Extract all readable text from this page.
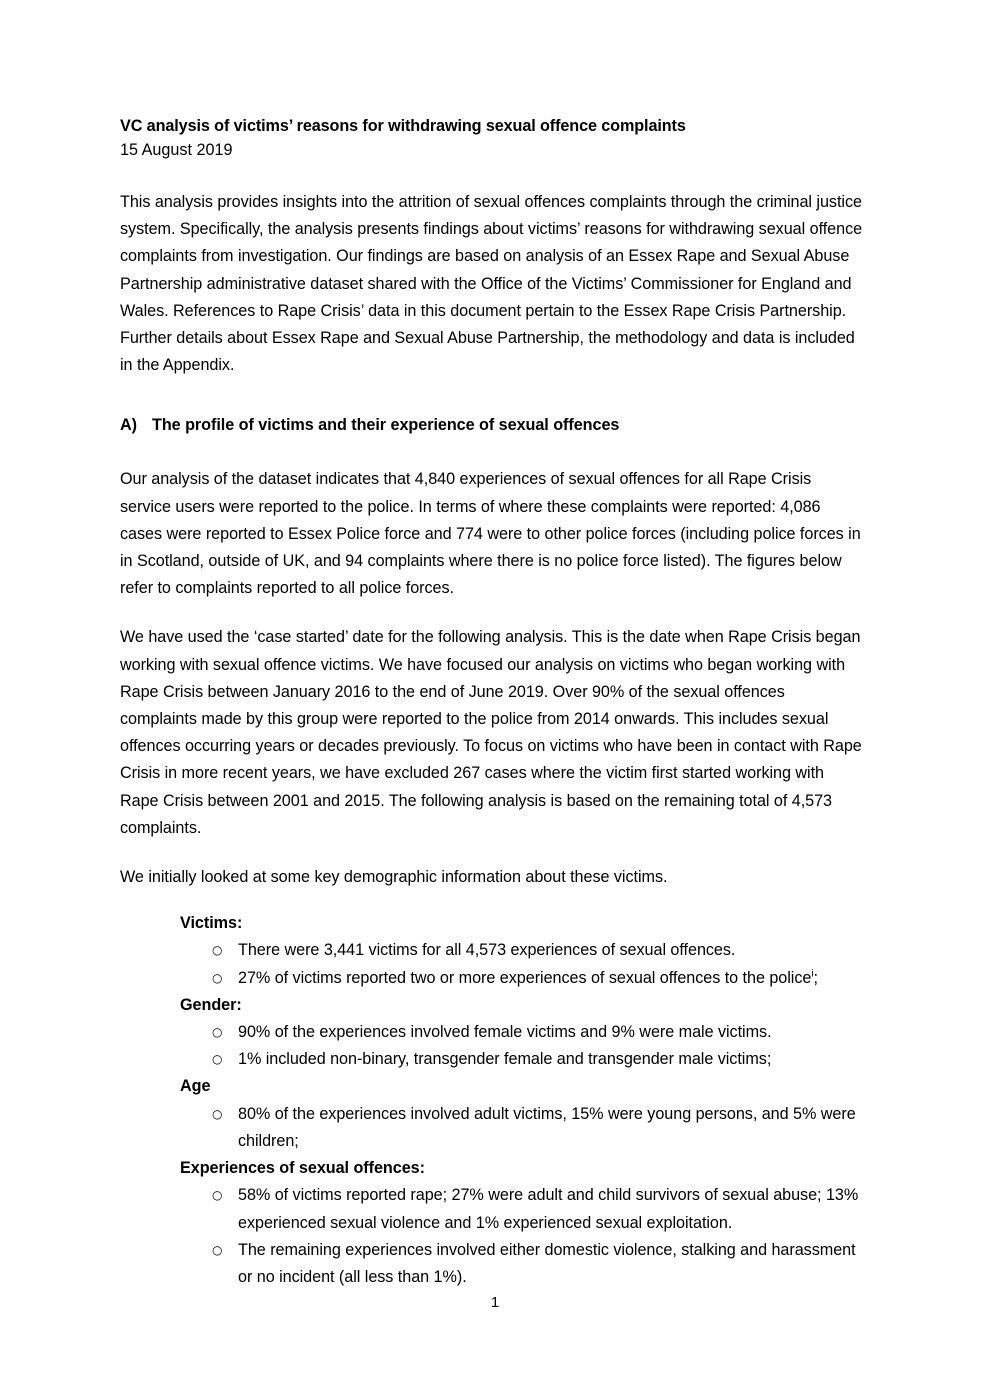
VC analysis of victims’ reasons for withdrawing sexual offence complaints
15 August 2019

This analysis provides insights into the attrition of sexual offences complaints through the criminal justice system. Specifically, the analysis presents findings about victims’ reasons for withdrawing sexual offence complaints from investigation. Our findings are based on analysis of an Essex Rape and Sexual Abuse Partnership administrative dataset shared with the Office of the Victims’ Commissioner for England and Wales. References to Rape Crisis’ data in this document pertain to the Essex Rape Crisis Partnership. Further details about Essex Rape and Sexual Abuse Partnership, the methodology and data is included in the Appendix.

A) The profile of victims and their experience of sexual offences

Our analysis of the dataset indicates that 4,840 experiences of sexual offences for all Rape Crisis service users were reported to the police. In terms of where these complaints were reported: 4,086 cases were reported to Essex Police force and 774 were to other police forces (including police forces in in Scotland, outside of UK, and 94 complaints where there is no police force listed). The figures below refer to complaints reported to all police forces.

We have used the ‘case started’ date for the following analysis. This is the date when Rape Crisis began working with sexual offence victims. We have focused our analysis on victims who began working with Rape Crisis between January 2016 to the end of June 2019. Over 90% of the sexual offences complaints made by this group were reported to the police from 2014 onwards. This includes sexual offences occurring years or decades previously. To focus on victims who have been in contact with Rape Crisis in more recent years, we have excluded 267 cases where the victim first started working with Rape Crisis between 2001 and 2015. The following analysis is based on the remaining total of 4,573 complaints.

We initially looked at some key demographic information about these victims.

Victims:
○ There were 3,441 victims for all 4,573 experiences of sexual offences.
○ 27% of victims reported two or more experiences of sexual offences to the police$^i$;
Gender:
○ 90% of the experiences involved female victims and 9% were male victims.
○ 1% included non-binary, transgender female and transgender male victims;
Age
○ 80% of the experiences involved adult victims, 15% were young persons, and 5% were children;
Experiences of sexual offences:
○ 58% of victims reported rape; 27% were adult and child survivors of sexual abuse; 13% experienced sexual violence and 1% experienced sexual exploitation.
○ The remaining experiences involved either domestic violence, stalking and harassment or no incident (all less than 1%).
1
